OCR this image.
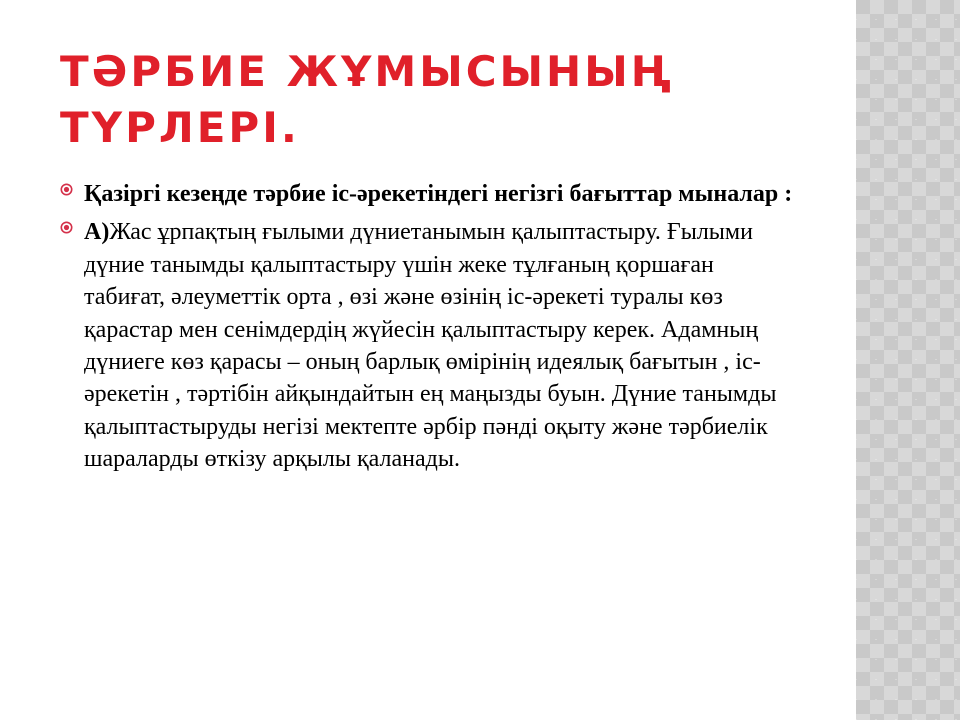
ТӘРБИЕ ЖҰМЫСЫНЫҢ ТҮРЛЕРІ.
Қазіргі кезеңде тәрбие іс-әрекетіндегі негізгі бағыттар мыналар :
А)Жас ұрпақтың ғылыми дүниетанымын қалыптастыру. Ғылыми дүние танымды қалыптастыру үшін жеке тұлғаның қоршаған табиғат, әлеуметтік орта , өзі және өзінің іс-әрекеті туралы көз қарастар мен сенімдердің жүйесін қалыптастыру керек. Адамның дүниеге көз қарасы – оның барлық өмірінің идеялық бағытын , іс-әрекетін , тәртібін айқындайтын ең маңызды буын. Дүние танымды қалыптастыруды негізі мектепте әрбір пәнді оқыту және тәрбиелік шараларды өткізу арқылы қаланады.
